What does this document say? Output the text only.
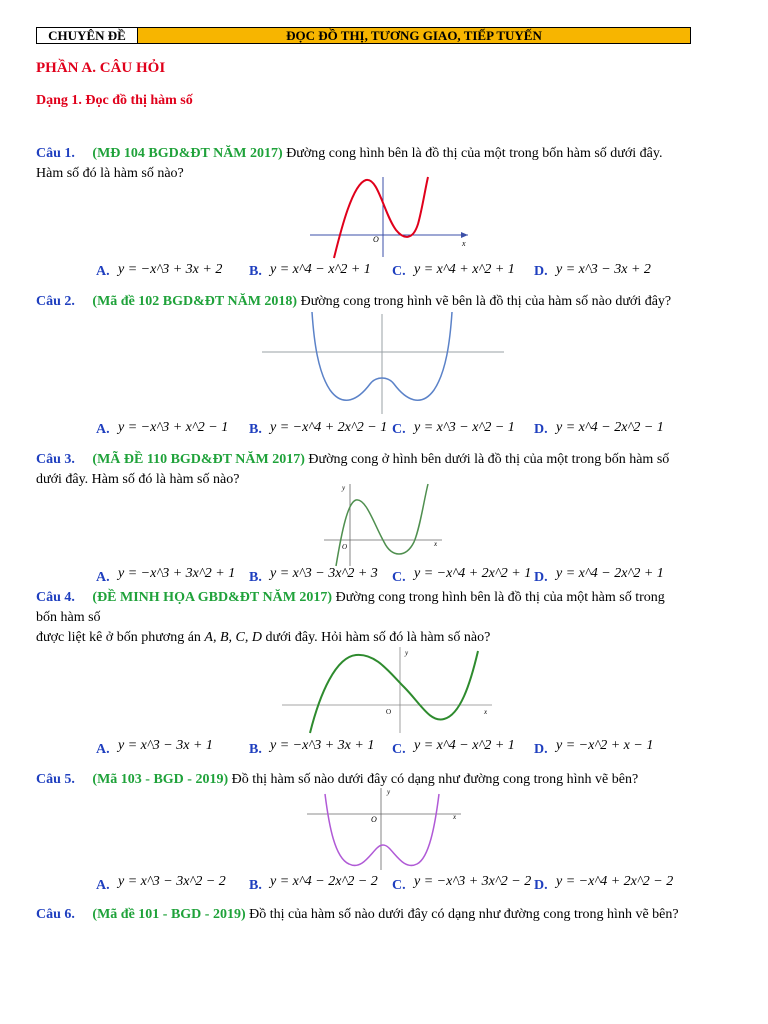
CHUYÊN ĐỀ	ĐỌC ĐỒ THỊ, TƯƠNG GIAO, TIẾP TUYẾN
PHẦN A. CÂU HỎI
Dạng 1. Đọc đồ thị hàm số
Câu 1. (MĐ 104 BGD&ĐT NĂM 2017) Đường cong hình bên là đồ thị của một trong bốn hàm số dưới đây.
Hàm số đó là hàm số nào?
O	x
A. y = −x^3 + 3x + 2 B. y = x^4 − x^2 + 1 C. y = x^4 + x^2 + 1 D. y = x^3 − 3x + 2
Câu 2. (Mã đề 102 BGD&ĐT NĂM 2018) Đường cong trong hình vẽ bên là đồ thị của hàm số nào dưới đây?
A. y = −x^3 + x^2 − 1 B. y = −x^4 + 2x^2 − 1 C. y = x^3 − x^2 − 1 D. y = x^4 − 2x^2 − 1
Câu 3. (MÃ ĐỀ 110 BGD&ĐT NĂM 2017) Đường cong ở hình bên dưới là đồ thị của một trong bốn hàm số
dưới đây. Hàm số đó là hàm số nào?
y
O	x
A. y = −x^3 + 3x^2 + 1 B. y = x^3 − 3x^2 + 3 C. y = −x^4 + 2x^2 + 1 D. y = x^4 − 2x^2 + 1
Câu 4. (ĐỀ MINH HỌA GBD&ĐT NĂM 2017) Đường cong trong hình bên là đồ thị của một hàm số trong
bốn hàm số
được liệt kê ở bốn phương án A, B, C, D dưới đây. Hỏi hàm số đó là hàm số nào?
y
O	x
A. y = x^3 − 3x + 1	B. y = −x^3 + 3x + 1 C. y = x^4 − x^2 + 1 D. y = −x^2 + x − 1
Câu 5. (Mã 103 - BGD - 2019) Đồ thị hàm số nào dưới đây có dạng như đường cong trong hình vẽ bên?
y
O	x
A. y = x^3 − 3x^2 − 2 B. y = x^4 − 2x^2 − 2 C. y = −x^3 + 3x^2 − 2 D. y = −x^4 + 2x^2 − 2
Câu 6. (Mã đề 101 - BGD - 2019) Đồ thị của hàm số nào dưới đây có dạng như đường cong trong hình vẽ bên?
